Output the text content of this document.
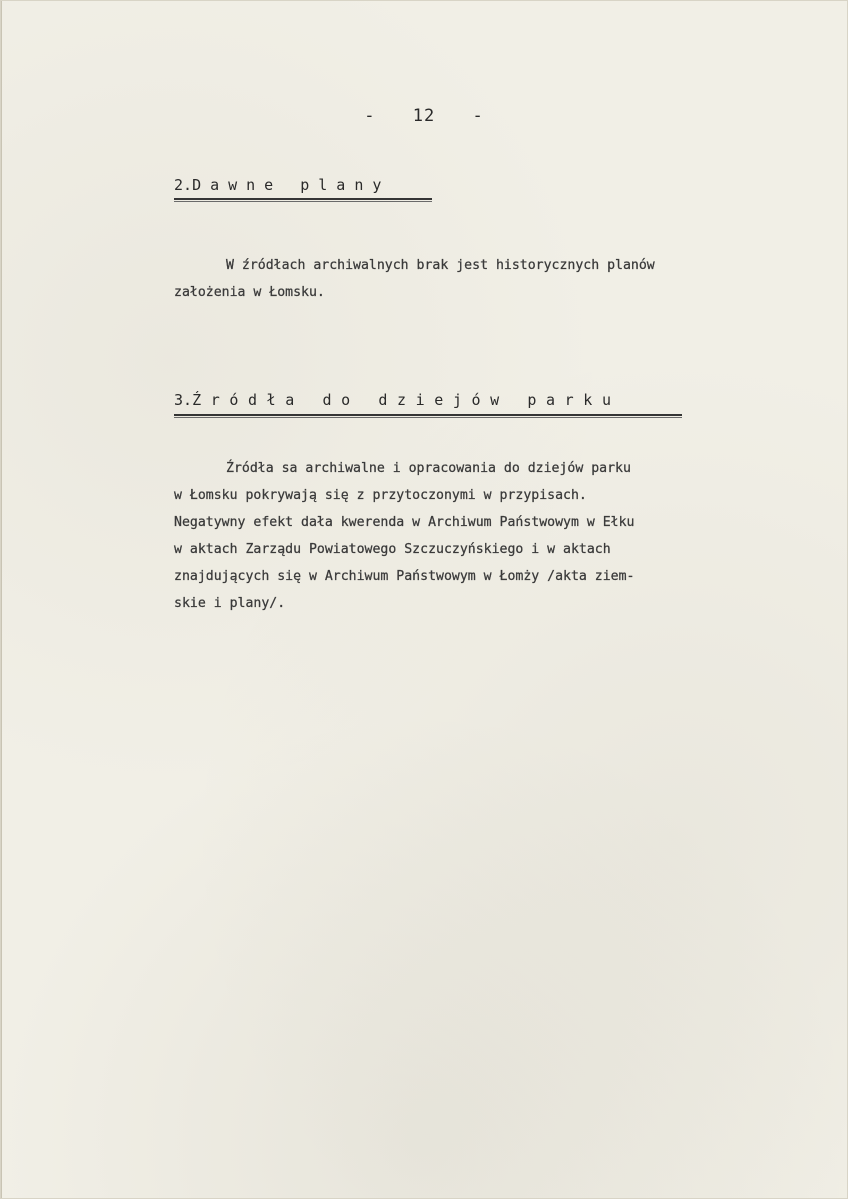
- 12 -
2.Dawne plany
W źródłach archiwalnych brak jest historycznych planów
założenia w Łomsku.
3.Źródła do dziejów parku
Źródła sa archiwalne i opracowania do dziejów parku
w Łomsku pokrywają się z przytoczonymi w przypisach.
Negatywny efekt dała kwerenda w Archiwum Państwowym w Ełku
w aktach Zarządu Powiatowego Szczuczyńskiego i w aktach
znajdujących się w Archiwum Państwowym w Łomży /akta ziem-
skie i plany/.
